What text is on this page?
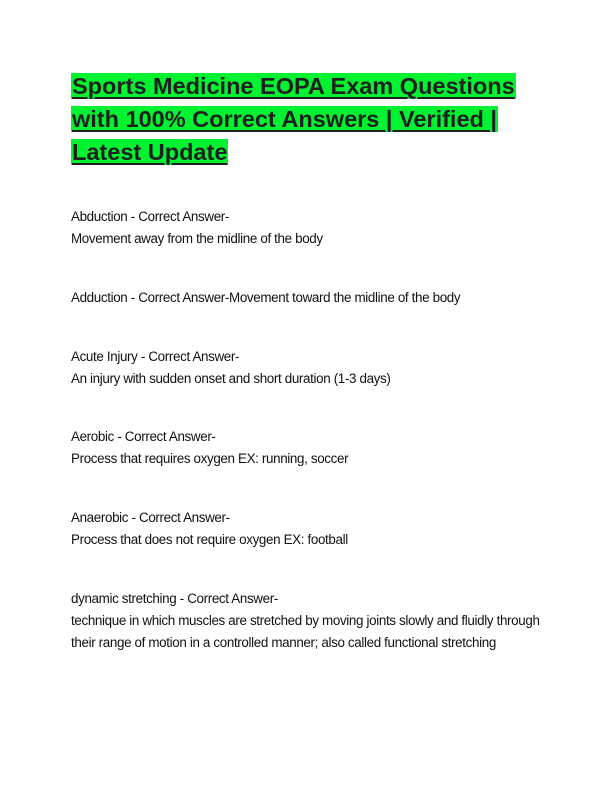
Sports Medicine EOPA Exam Questions with 100% Correct Answers | Verified | Latest Update
Abduction - Correct Answer-
Movement away from the midline of the body
Adduction - Correct Answer-Movement toward the midline of the body
Acute Injury - Correct Answer-
An injury with sudden onset and short duration (1-3 days)
Aerobic - Correct Answer-
Process that requires oxygen EX: running, soccer
Anaerobic - Correct Answer-
Process that does not require oxygen EX: football
dynamic stretching - Correct Answer-
technique in which muscles are stretched by moving joints slowly and fluidly through their range of motion in a controlled manner; also called functional stretching
